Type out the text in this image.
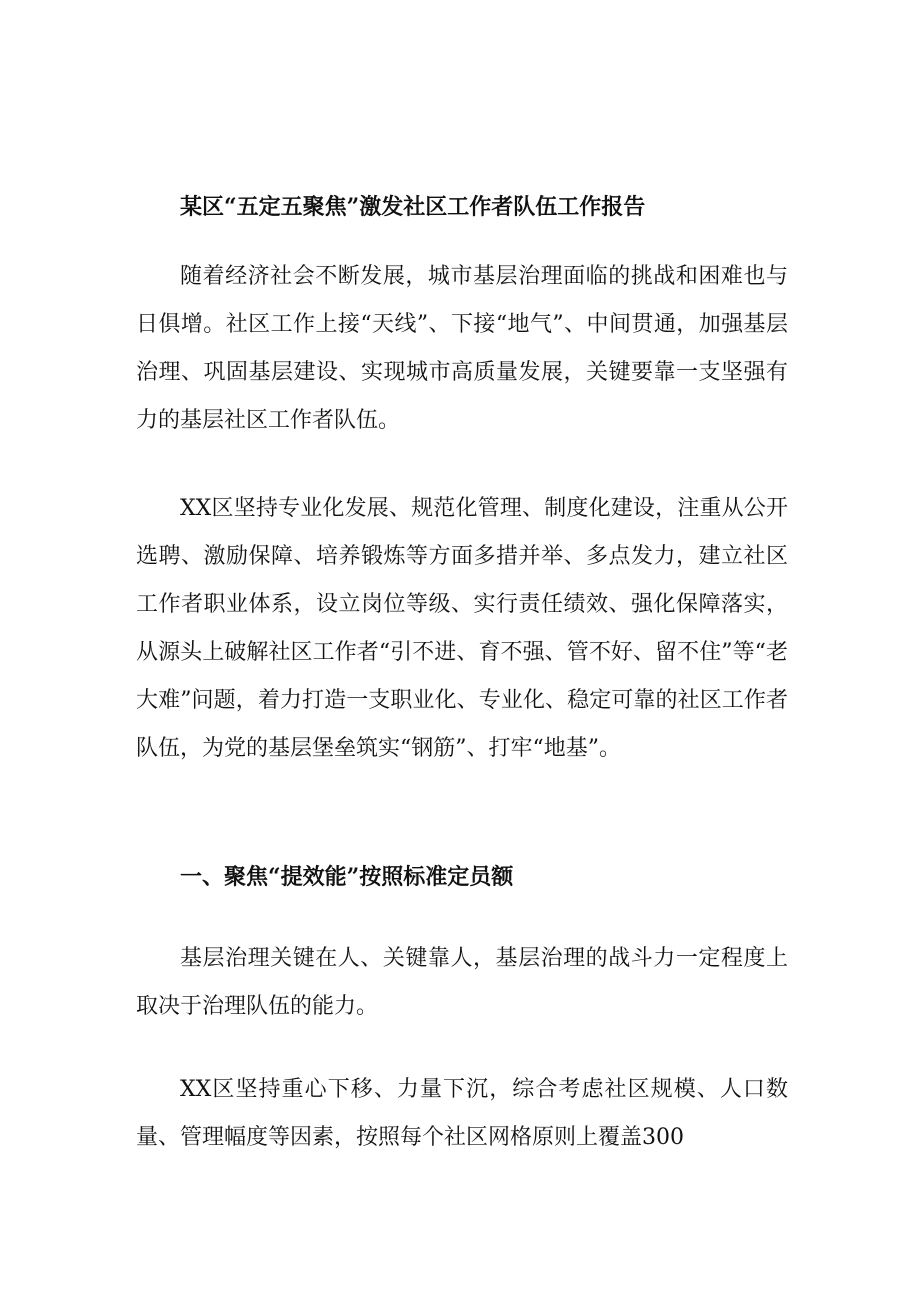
某区“五定五聚焦”激发社区工作者队伍工作报告

随着经济社会不断发展，城市基层治理面临的挑战和困难也与日俱增。社区工作上接“天线”、下接“地气”、中间贯通，加强基层治理、巩固基层建设、实现城市高质量发展，关键要靠一支坚强有力的基层社区工作者队伍。

XX区坚持专业化发展、规范化管理、制度化建设，注重从公开选聘、激励保障、培养锻炼等方面多措并举、多点发力，建立社区工作者职业体系，设立岗位等级、实行责任绩效、强化保障落实，从源头上破解社区工作者“引不进、育不强、管不好、留不住”等“老大难”问题，着力打造一支职业化、专业化、稳定可靠的社区工作者队伍，为党的基层堡垒筑实“钢筋”、打牢“地基”。

一、聚焦“提效能”按照标准定员额

基层治理关键在人、关键靠人，基层治理的战斗力一定程度上取决于治理队伍的能力。

XX区坚持重心下移、力量下沉，综合考虑社区规模、人口数量、管理幅度等因素，按照每个社区网格原则上覆盖300
